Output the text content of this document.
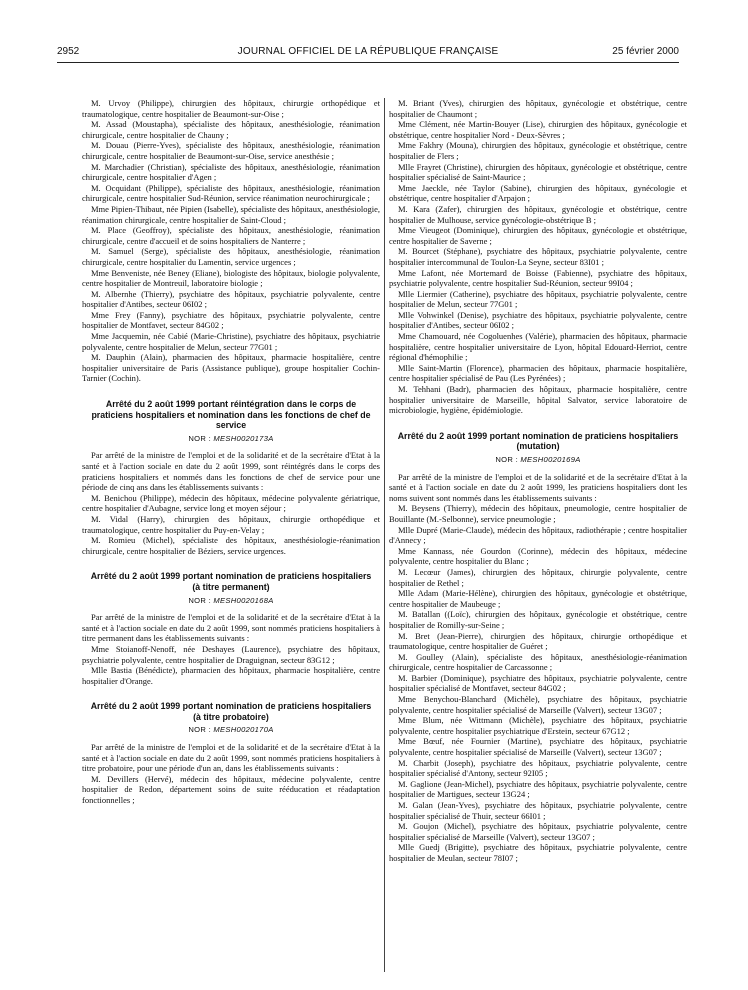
2952	JOURNAL OFFICIEL DE LA RÉPUBLIQUE FRANÇAISE	25 février 2000

M. Urvoy (Philippe), chirurgien des hôpitaux, chirurgie orthopédique et traumatologique, centre hospitalier de Beaumont-sur-Oise ;

M. Assad (Moustapha), spécialiste des hôpitaux, anesthésiologie, réanimation chirurgicale, centre hospitalier de Chauny ;

M. Douau (Pierre-Yves), spécialiste des hôpitaux, anesthésiologie, réanimation chirurgicale, centre hospitalier de Beaumont-sur-Oise, service anesthésie ;

M. Marchadier (Christian), spécialiste des hôpitaux, anesthésiologie, réanimation chirurgicale, centre hospitalier d'Agen ;

M. Ocquidant (Philippe), spécialiste des hôpitaux, anesthésiologie, réanimation chirurgicale, centre hospitalier Sud-Réunion, service réanimation neurochirurgicale ;

Mme Pipien-Thibaut, née Pipien (Isabelle), spécialiste des hôpitaux, anesthésiologie, réanimation chirurgicale, centre hospitalier de Saint-Cloud ;

M. Place (Geoffroy), spécialiste des hôpitaux, anesthésiologie, réanimation chirurgicale, centre d'accueil et de soins hospitaliers de Nanterre ;

M. Samuel (Serge), spécialiste des hôpitaux, anesthésiologie, réanimation chirurgicale, centre hospitalier du Lamentin, service urgences ;

Mme Benveniste, née Beney (Eliane), biologiste des hôpitaux, biologie polyvalente, centre hospitalier de Montreuil, laboratoire biologie ;

M. Albernhe (Thierry), psychiatre des hôpitaux, psychiatrie polyvalente, centre hospitalier d'Antibes, secteur 06I02 ;

Mme Frey (Fanny), psychiatre des hôpitaux, psychiatrie polyvalente, centre hospitalier de Montfavet, secteur 84G02 ;

Mme Jacquemin, née Cabié (Marie-Christine), psychiatre des hôpitaux, psychiatrie polyvalente, centre hospitalier de Melun, secteur 77G01 ;

M. Dauphin (Alain), pharmacien des hôpitaux, pharmacie hospitalière, centre hospitalier universitaire de Paris (Assistance publique), groupe hospitalier Cochin-Tarnier (Cochin).

Arrêté du 2 août 1999 portant réintégration dans le corps de praticiens hospitaliers et nomination dans les fonctions de chef de service
NOR : MESH0020173A

Par arrêté de la ministre de l'emploi et de la solidarité et de la secrétaire d'Etat à la santé et à l'action sociale en date du 2 août 1999, sont réintégrés dans le corps des praticiens hospitaliers et nommés dans les fonctions de chef de service pour une période de cinq ans dans les établissements suivants :

M. Benichou (Philippe), médecin des hôpitaux, médecine polyvalente gériatrique, centre hospitalier d'Aubagne, service long et moyen séjour ;

M. Vidal (Harry), chirurgien des hôpitaux, chirurgie orthopédique et traumatologique, centre hospitalier du Puy-en-Velay ;

M. Romieu (Michel), spécialiste des hôpitaux, anesthésiologie-réanimation chirurgicale, centre hospitalier de Béziers, service urgences.

Arrêté du 2 août 1999 portant nomination de praticiens hospitaliers (à titre permanent)
NOR : MESH0020168A

Par arrêté de la ministre de l'emploi et de la solidarité et de la secrétaire d'Etat à la santé et à l'action sociale en date du 2 août 1999, sont nommés praticiens hospitaliers à titre permanent dans les établissements suivants :

Mme Stoianoff-Nenoff, née Deshayes (Laurence), psychiatre des hôpitaux, psychiatrie polyvalente, centre hospitalier de Draguignan, secteur 83G12 ;

Mlle Bastia (Bénédicte), pharmacien des hôpitaux, pharmacie hospitalière, centre hospitalier d'Orange.

Arrêté du 2 août 1999 portant nomination de praticiens hospitaliers (à titre probatoire)
NOR : MESH0020170A

Par arrêté de la ministre de l'emploi et de la solidarité et de la secrétaire d'Etat à la santé et à l'action sociale en date du 2 août 1999, sont nommés praticiens hospitaliers à titre probatoire, pour une période d'un an, dans les établissements suivants :

M. Devillers (Hervé), médecin des hôpitaux, médecine polyvalente, centre hospitalier de Redon, département soins de suite rééducation et réadaptation fonctionnelles ;

M. Briant (Yves), chirurgien des hôpitaux, gynécologie et obstétrique, centre hospitalier de Chaumont ;

Mme Clément, née Martin-Bouyer (Lise), chirurgien des hôpitaux, gynécologie et obstétrique, centre hospitalier Nord - Deux-Sèvres ;

Mme Fakhry (Mouna), chirurgien des hôpitaux, gynécologie et obstétrique, centre hospitalier de Flers ;

Mlle Frayret (Christine), chirurgien des hôpitaux, gynécologie et obstétrique, centre hospitalier spécialisé de Saint-Maurice ;

Mme Jaeckle, née Taylor (Sabine), chirurgien des hôpitaux, gynécologie et obstétrique, centre hospitalier d'Arpajon ;

M. Kara (Zafer), chirurgien des hôpitaux, gynécologie et obstétrique, centre hospitalier de Mulhouse, service gynécologie-obstétrique B ;

Mme Vieugeot (Dominique), chirurgien des hôpitaux, gynécologie et obstétrique, centre hospitalier de Saverne ;

M. Bourcet (Stéphane), psychiatre des hôpitaux, psychiatrie polyvalente, centre hospitalier intercommunal de Toulon-La Seyne, secteur 83I01 ;

Mme Lafont, née Mortemard de Boisse (Fabienne), psychiatre des hôpitaux, psychiatrie polyvalente, centre hospitalier Sud-Réunion, secteur 99I04 ;

Mlle Liermier (Catherine), psychiatre des hôpitaux, psychiatrie polyvalente, centre hospitalier de Melun, secteur 77G01 ;

Mlle Vohwinkel (Denise), psychiatre des hôpitaux, psychiatrie polyvalente, centre hospitalier d'Antibes, secteur 06I02 ;

Mme Chamouard, née Cogoluenhes (Valérie), pharmacien des hôpitaux, pharmacie hospitalière, centre hospitalier universitaire de Lyon, hôpital Edouard-Herriot, centre régional d'hémophilie ;

Mlle Saint-Martin (Florence), pharmacien des hôpitaux, pharmacie hospitalière, centre hospitalier spécialisé de Pau (Les Pyrénées) ;

M. Tehhani (Badr), pharmacien des hôpitaux, pharmacie hospitalière, centre hospitalier universitaire de Marseille, hôpital Salvator, service laboratoire de microbiologie, hygiène, épidémiologie.

Arrêté du 2 août 1999 portant nomination de praticiens hospitaliers (mutation)
NOR : MESH0020169A

Par arrêté de la ministre de l'emploi et de la solidarité et de la secrétaire d'Etat à la santé et à l'action sociale en date du 2 août 1999, les praticiens hospitaliers dont les noms suivent sont nommés dans les établissements suivants :

M. Beysens (Thierry), médecin des hôpitaux, pneumologie, centre hospitalier de Bouillante (M.-Selbonne), service pneumologie ;

Mlle Dupré (Marie-Claude), médecin des hôpitaux, radiothérapie ; centre hospitalier d'Annecy ;

Mme Kannass, née Gourdon (Corinne), médecin des hôpitaux, médecine polyvalente, centre hospitalier du Blanc ;

M. Lecœur (James), chirurgien des hôpitaux, chirurgie polyvalente, centre hospitalier de Rethel ;

Mlle Adam (Marie-Hélène), chirurgien des hôpitaux, gynécologie et obstétrique, centre hospitalier de Maubeuge ;

M. Batallan ((Loïc), chirurgien des hôpitaux, gynécologie et obstétrique, centre hospitalier de Romilly-sur-Seine ;

M. Bret (Jean-Pierre), chirurgien des hôpitaux, chirurgie orthopédique et traumatologique, centre hospitalier de Guéret ;

M. Goulley (Alain), spécialiste des hôpitaux, anesthésiologie-réanimation chirurgicale, centre hospitalier de Carcassonne ;

M. Barbier (Dominique), psychiatre des hôpitaux, psychiatrie polyvalente, centre hospitalier spécialisé de Montfavet, secteur 84G02 ;

Mme Benychou-Blanchard (Michèle), psychiatre des hôpitaux, psychiatrie polyvalente, centre hospitalier spécialisé de Marseille (Valvert), secteur 13G07 ;

Mme Blum, née Wittmann (Michèle), psychiatre des hôpitaux, psychiatrie polyvalente, centre hospitalier psychiatrique d'Erstein, secteur 67G12 ;

Mme Bœuf, née Fournier (Martine), psychiatre des hôpitaux, psychiatrie polyvalente, centre hospitalier spécialisé de Marseille (Valvert), secteur 13G07 ;

M. Charbit (Joseph), psychiatre des hôpitaux, psychiatrie polyvalente, centre hospitalier spécialisé d'Antony, secteur 92I05 ;

M. Gaglione (Jean-Michel), psychiatre des hôpitaux, psychiatrie polyvalente, centre hospitalier de Martigues, secteur 13G24 ;

M. Galan (Jean-Yves), psychiatre des hôpitaux, psychiatrie polyvalente, centre hospitalier spécialisé de Thuir, secteur 66I01 ;

M. Goujon (Michel), psychiatre des hôpitaux, psychiatrie polyvalente, centre hospitalier spécialisé de Marseille (Valvert), secteur 13G07 ;

Mlle Guedj (Brigitte), psychiatre des hôpitaux, psychiatrie polyvalente, centre hospitalier de Meulan, secteur 78I07 ;
